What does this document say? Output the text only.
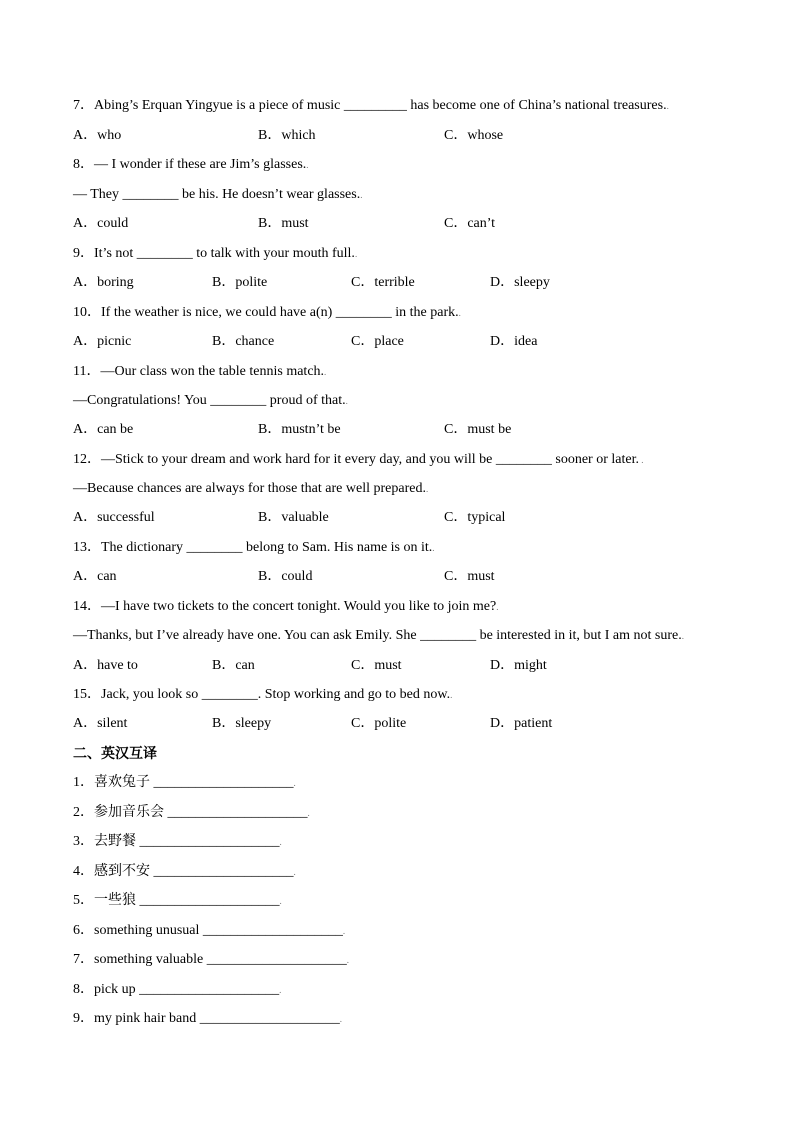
7．Abing’s Erquan Yingyue is a piece of music _________ has become one of China’s national treasures..
A．who	B．which	C．whose
8．— I wonder if these are Jim’s glasses..
— They ________ be his. He doesn’t wear glasses..
A．could	B．must	C．can’t
9．It’s not ________ to talk with your mouth full..
A．boring	B．polite	C．terrible	D．sleepy
10．If the weather is nice, we could have a(n) ________ in the park..
A．picnic	B．chance	C．place	D．idea
11．—Our class won the table tennis match..
—Congratulations! You ________ proud of that..
A．can be	B．mustn’t be	C．must be
12．—Stick to your dream and work hard for it every day, and you will be ________ sooner or later. .
—Because chances are always for those that are well prepared..
A．successful	B．valuable	C．typical
13．The dictionary ________ belong to Sam. His name is on it..
A．can	B．could	C．must
14．—I have two tickets to the concert tonight. Would you like to join me?.
—Thanks, but I’ve already have one. You can ask Emily. She ________ be interested in it, but I am not sure..
A．have to	B．can	C．must	D．might
15．Jack, you look so ________. Stop working and go to bed now..
A．silent	B．sleepy	C．polite	D．patient
二、英汉互译
1．喜欢兔子 ____________________.
2．参加音乐会 ____________________.
3．去野餐 ____________________.
4．感到不安 ____________________.
5．一些狼 ____________________.
6．something unusual ____________________.
7．something valuable ____________________.
8．pick up ____________________.
9．my pink hair band ____________________.
